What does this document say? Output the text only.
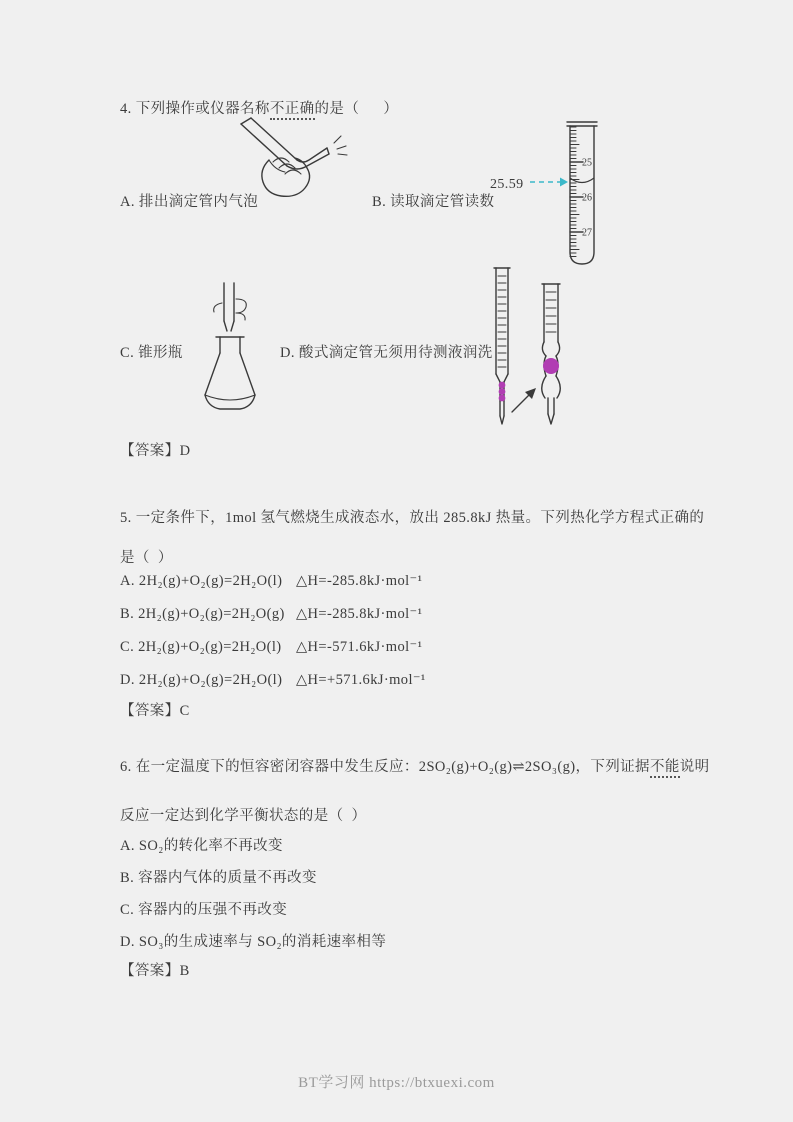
4. 下列操作或仪器名称不正确的是（      ）
A. 排出滴定管内气泡	B. 读取滴定管读数
25.59
25
26
27
C. 锥形瓶	D. 酸式滴定管无须用待测液润洗
【答案】D
5. 一定条件下，1mol 氢气燃烧生成液态水，放出 285.8kJ 热量。下列热化学方程式正确的
是（  ）
A. 2H₂(g)+O₂(g)=2H₂O(l) △H=-285.8kJ·mol⁻¹
B. 2H₂(g)+O₂(g)=2H₂O(g) △H=-285.8kJ·mol⁻¹
C. 2H₂(g)+O₂(g)=2H₂O(l) △H=-571.6kJ·mol⁻¹
D. 2H₂(g)+O₂(g)=2H₂O(l) △H=+571.6kJ·mol⁻¹
【答案】C
6. 在一定温度下的恒容密闭容器中发生反应：2SO₂(g)+O₂(g)⇌2SO₃(g)，下列证据不能说明
反应一定达到化学平衡状态的是（  ）
A. SO₂的转化率不再改变
B. 容器内气体的质量不再改变
C. 容器内的压强不再改变
D. SO₃的生成速率与 SO₂的消耗速率相等
【答案】B
BT学习网 https://btxuexi.com
